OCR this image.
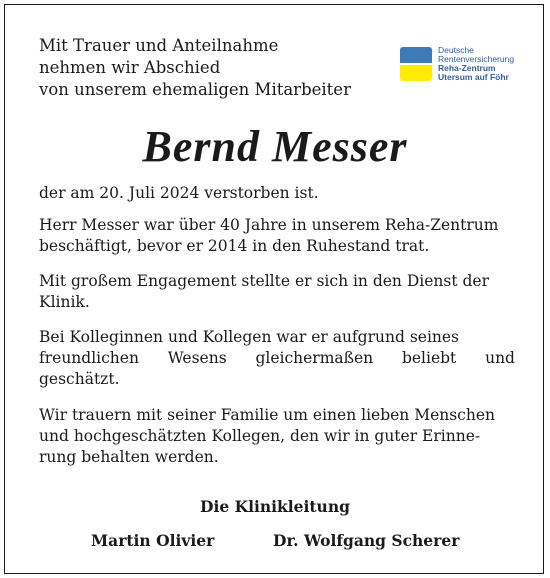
Mit Trauer und Anteilnahme
nehmen wir Abschied
von unserem ehemaligen Mitarbeiter
Deutsche
Rentenversicherung
Reha-Zentrum
Utersum auf Föhr
Bernd Messer
der am 20. Juli 2024 verstorben ist.
Herr Messer war über 40 Jahre in unserem Reha-Zentrum
beschäftigt, bevor er 2014 in den Ruhestand trat.
Mit großem Engagement stellte er sich in den Dienst der
Klinik.
Bei Kolleginnen und Kollegen war er aufgrund seines
freundlichen Wesens gleichermaßen beliebt und
geschätzt.
Wir trauern mit seiner Familie um einen lieben Menschen
und hochgeschätzten Kollegen, den wir in guter Erinne-
rung behalten werden.
Die Klinikleitung
Martin Olivier	Dr. Wolfgang Scherer
